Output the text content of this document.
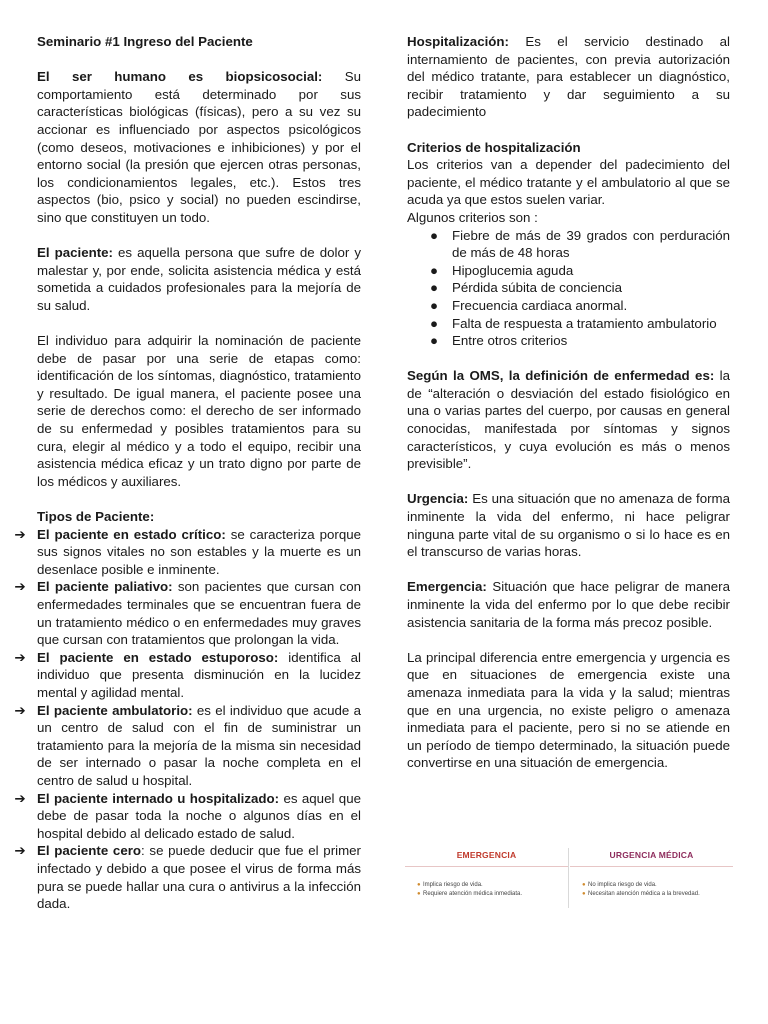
Seminario #1 Ingreso del Paciente

El ser humano es biopsicosocial: Su comportamiento está determinado por sus características biológicas (físicas), pero a su vez su accionar es influenciado por aspectos psicológicos (como deseos, motivaciones e inhibiciones) y por el entorno social (la presión que ejercen otras personas, los condicionamientos legales, etc.). Estos tres aspectos (bio, psico y social) no pueden escindirse, sino que constituyen un todo.

El paciente: es aquella persona que sufre de dolor y malestar y, por ende, solicita asistencia médica y está sometida a cuidados profesionales para la mejoría de su salud.

El individuo para adquirir la nominación de paciente debe de pasar por una serie de etapas como: identificación de los síntomas, diagnóstico, tratamiento y resultado. De igual manera, el paciente posee una serie de derechos como: el derecho de ser informado de su enfermedad y posibles tratamientos para su cura, elegir al médico y a todo el equipo, recibir una asistencia médica eficaz y un trato digno por parte de los médicos y auxiliares.

Tipos de Paciente:

➔ El paciente en estado crítico: se caracteriza porque sus signos vitales no son estables y la muerte es un desenlace posible e inminente.
➔ El paciente paliativo: son pacientes que cursan con enfermedades terminales que se encuentran fuera de un tratamiento médico o en enfermedades muy graves que cursan con tratamientos que prolongan la vida.
➔ El paciente en estado estuporoso: identifica al individuo que presenta disminución en la lucidez mental y agilidad mental.
➔ El paciente ambulatorio: es el individuo que acude a un centro de salud con el fin de suministrar un tratamiento para la mejoría de la misma sin necesidad de ser internado o pasar la noche completa en el centro de salud u hospital.
➔ El paciente internado u hospitalizado: es aquel que debe de pasar toda la noche o algunos días en el hospital debido al delicado estado de salud.
➔ El paciente cero: se puede deducir que fue el primer infectado y debido a que posee el virus de forma más pura se puede hallar una cura o antivirus a la infección dada.

Hospitalización: Es el servicio destinado al internamiento de pacientes, con previa autorización del médico tratante, para establecer un diagnóstico, recibir tratamiento y dar seguimiento a su padecimiento

Criterios de hospitalización

Los criterios van a depender del padecimiento del paciente, el médico tratante y el ambulatorio al que se acuda ya que estos suelen variar.

Algunos criterios son :

● Fiebre de más de 39 grados con perduración de más de 48 horas
● Hipoglucemia aguda
● Pérdida súbita de conciencia
● Frecuencia cardiaca anormal.
● Falta de respuesta a tratamiento ambulatorio
● Entre otros criterios

Según la OMS, la definición de enfermedad es: la de “alteración o desviación del estado fisiológico en una o varias partes del cuerpo, por causas en general conocidas, manifestada por síntomas y signos característicos, y cuya evolución es más o menos previsible”.

Urgencia: Es una situación que no amenaza de forma inminente la vida del enfermo, ni hace peligrar ninguna parte vital de su organismo o si lo hace es en el transcurso de varias horas.

Emergencia: Situación que hace peligrar de manera inminente la vida del enfermo por lo que debe recibir asistencia sanitaria de la forma más precoz posible.

La principal diferencia entre emergencia y urgencia es que en situaciones de emergencia existe una amenaza inmediata para la vida y la salud; mientras que en una urgencia, no existe peligro o amenaza inmediata para el paciente, pero si no se atiende en un período de tiempo determinado, la situación puede convertirse en una situación de emergencia.

EMERGENCIA
● Implica riesgo de vida.
● Requiere atención médica inmediata.
URGENCIA MÉDICA
● No implica riesgo de vida.
● Necesitan atención médica a la brevedad.
